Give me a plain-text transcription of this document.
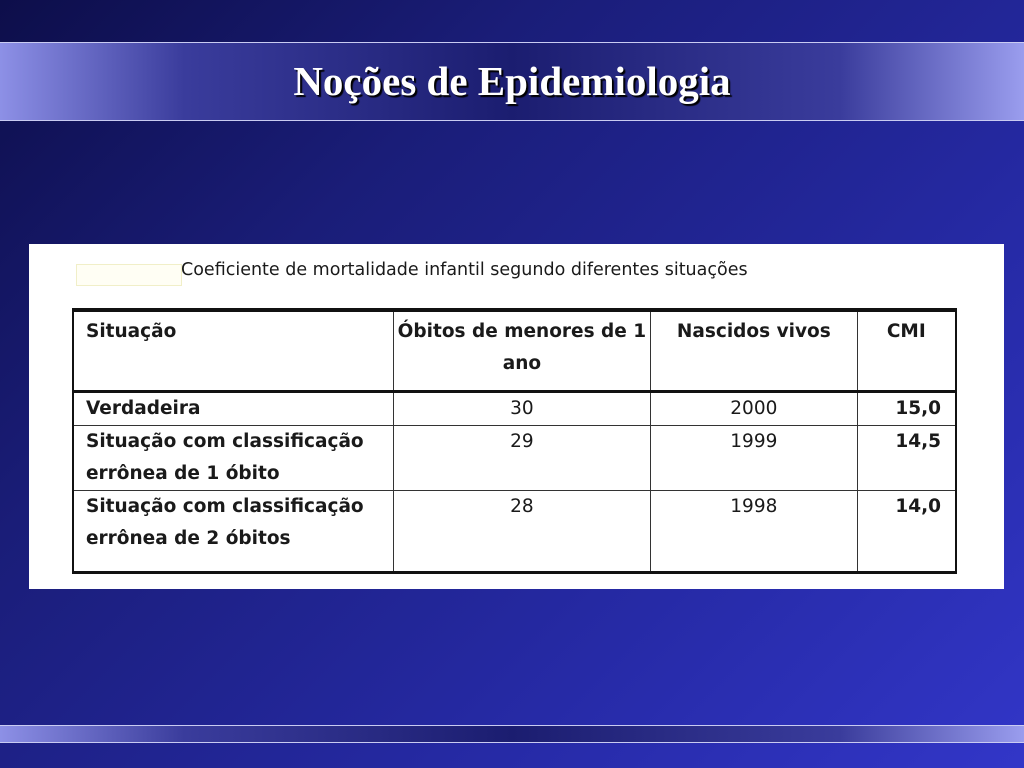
Noções de Epidemiologia
Coeficiente de mortalidade infantil segundo diferentes situações
Situação	Óbitos de menores de 1 ano	Nascidos vivos	CMI
Verdadeira	30	2000	15,0
Situação com classificação errônea de 1 óbito	29	1999	14,5
Situação com classificação errônea de 2 óbitos	28	1998	14,0
